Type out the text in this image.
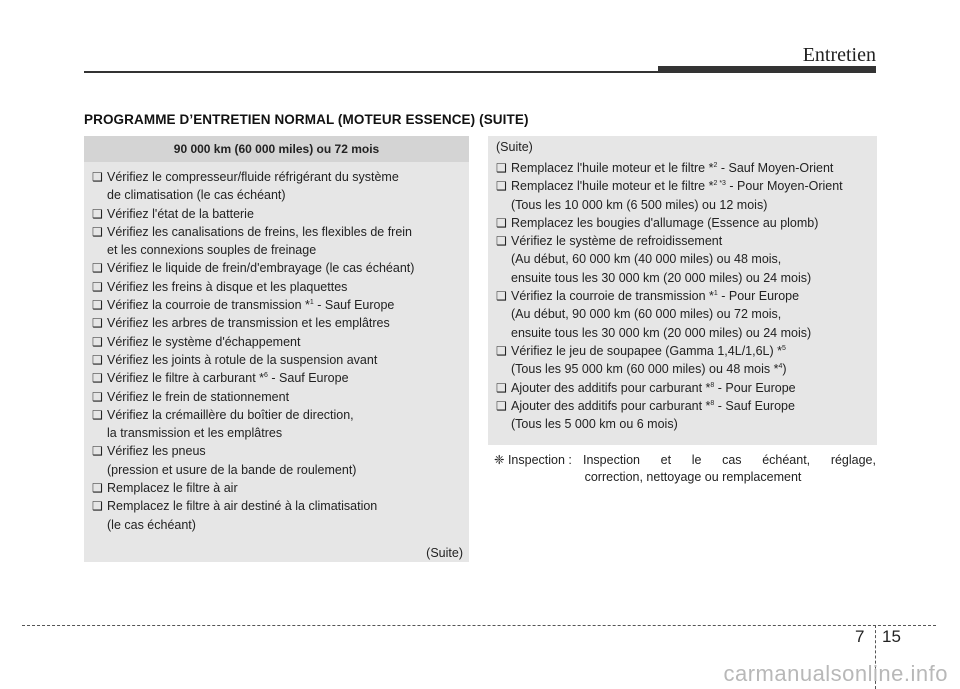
Entretien
PROGRAMME D’ENTRETIEN NORMAL (MOTEUR ESSENCE) (SUITE)
90 000 km (60 000 miles) ou 72 mois
❑ Vérifiez le compresseur/fluide réfrigérant du système
de climatisation (le cas échéant)
❑ Vérifiez l'état de la batterie
❑ Vérifiez les canalisations de freins, les flexibles de frein
et les connexions souples de freinage
❑ Vérifiez le liquide de frein/d'embrayage (le cas échéant)
❑ Vérifiez les freins à disque et les plaquettes
❑ Vérifiez la courroie de transmission *$^1$ - Sauf Europe
❑ Vérifiez les arbres de transmission et les emplâtres
❑ Vérifiez le système d'échappement
❑ Vérifiez les joints à rotule de la suspension avant
❑ Vérifiez le filtre à carburant *$^6$ - Sauf Europe
❑ Vérifiez le frein de stationnement
❑ Vérifiez la crémaillère du boîtier de direction,
la transmission et les emplâtres
❑ Vérifiez les pneus
(pression et usure de la bande de roulement)
❑ Remplacez le filtre à air
❑ Remplacez le filtre à air destiné à la climatisation
(le cas échéant)
(Suite)
(Suite)
❑ Remplacez l'huile moteur et le filtre *$^2$ - Sauf Moyen-Orient
❑ Remplacez l'huile moteur et le filtre *$^{2 *3}$ - Pour Moyen-Orient
(Tous les 10 000 km (6 500 miles) ou 12 mois)
❑ Remplacez les bougies d'allumage (Essence au plomb)
❑ Vérifiez le système de refroidissement
(Au début, 60 000 km (40 000 miles) ou 48 mois,
ensuite tous les 30 000 km (20 000 miles) ou 24 mois)
❑ Vérifiez la courroie de transmission *$^1$ - Pour Europe
(Au début, 90 000 km (60 000 miles) ou 72 mois,
ensuite tous les 30 000 km (20 000 miles) ou 24 mois)
❑ Vérifiez le jeu de soupapee (Gamma 1,4L/1,6L) *$^5$
(Tous les 95 000 km (60 000 miles) ou 48 mois *$^4$)
❑ Ajouter des additifs pour carburant *$^8$ - Pour Europe
❑ Ajouter des additifs pour carburant *$^8$ - Sauf Europe
(Tous les 5 000 km ou 6 mois)
❈ Inspection : Inspection et le cas échéant, réglage,
correction, nettoyage ou remplacement
7 15
carmanualsonline.info
